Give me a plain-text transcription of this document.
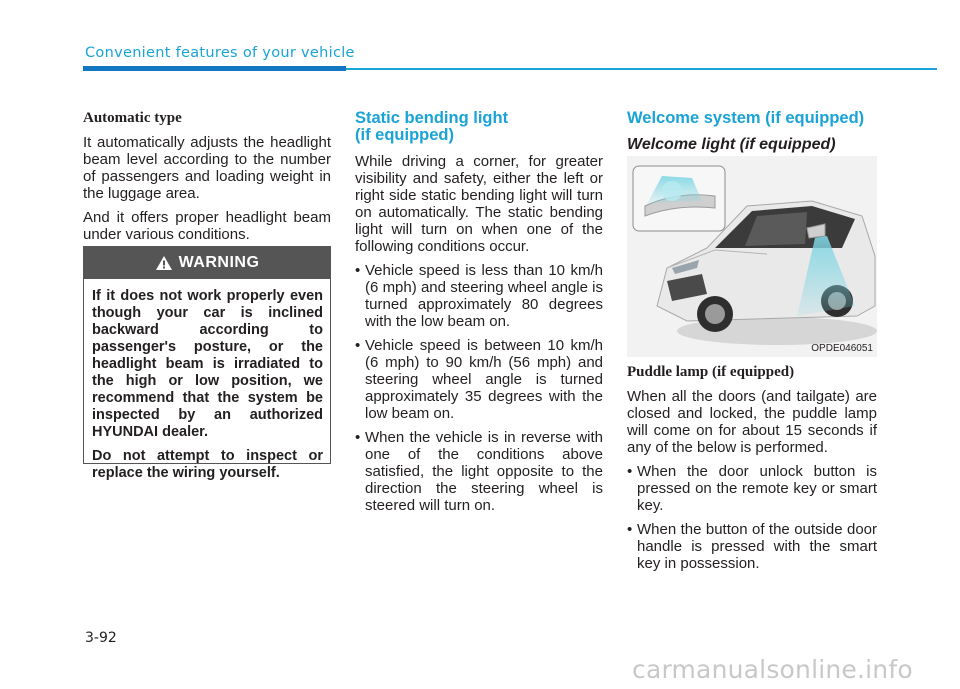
Convenient features of your vehicle
Automatic type

It automatically adjusts the headlight beam level according to the number of passengers and loading weight in the luggage area.

And it offers proper headlight beam under various conditions.

WARNING

If it does not work properly even though your car is inclined backward according to passenger's posture, or the headlight beam is irradiated to the high or low position, we recommend that the system be inspected by an authorized HYUNDAI dealer.

Do not attempt to inspect or replace the wiring yourself.

Static bending light
(if equipped)

While driving a corner, for greater visibility and safety, either the left or right side static bending light will turn on automatically. The static bending light will turn on when one of the following conditions occur.

• Vehicle speed is less than 10 km/h (6 mph) and steering wheel angle is turned approximately 80 degrees with the low beam on.
• Vehicle speed is between 10 km/h (6 mph) to 90 km/h (56 mph) and steering wheel angle is turned approximately 35 degrees with the low beam on.
• When the vehicle is in reverse with one of the conditions above satisfied, the light opposite to the direction the steering wheel is steered will turn on.
Welcome system (if equipped)
Welcome light (if equipped)
OPDE046051
Puddle lamp (if equipped)

When all the doors (and tailgate) are closed and locked, the puddle lamp will come on for about 15 seconds if any of the below is performed.

• When the door unlock button is pressed on the remote key or smart key.
• When the button of the outside door handle is pressed with the smart key in possession.
3-92
carmanualsonline.info
